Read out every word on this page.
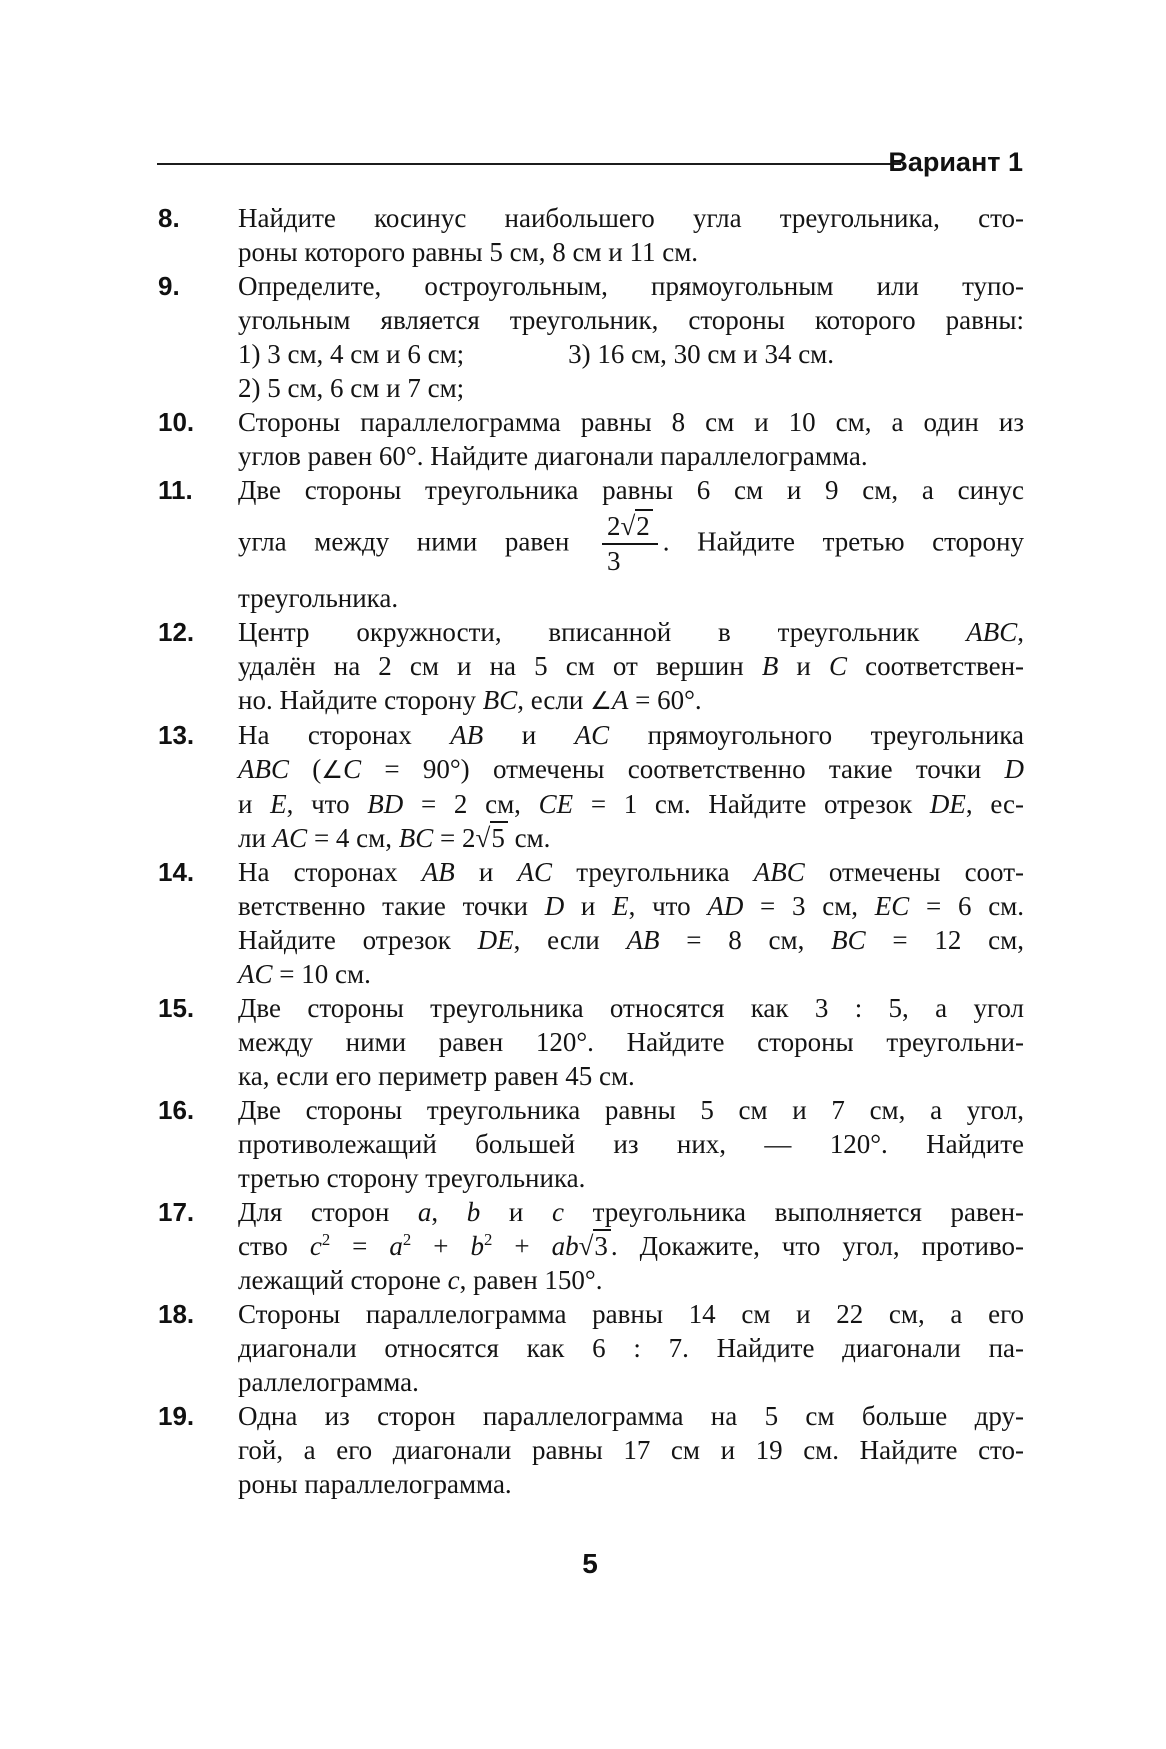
Вариант 1
8.	Найдите косинус наибольшего угла треугольника, сто-
роны которого равны 5 см, 8 см и 11 см.
9.	Определите, остроугольным, прямоугольным или тупо-
угольным является треугольник, стороны которого равны:
1) 3 см, 4 см и 6 см;	3) 16 см, 30 см и 34 см.
2) 5 см, 6 см и 7 см;
10.	Стороны параллелограмма равны 8 см и 10 см, а один из
углов равен 60°. Найдите диагонали параллелограмма.
11.	Две стороны треугольника равны 6 см и 9 см, а синус
угла между ними равен $\frac{2√2}{3}$ . Найдите третью сторону
треугольника.
12.	Центр окружности, вписанной в треугольник ABC,
удалён на 2 см и на 5 см от вершин B и C соответствен-
но. Найдите сторону BC, если ∠A = 60°.
13.	На сторонах AB и AC прямоугольного треугольника
ABC (∠C = 90°) отмечены соответственно такие точки D
и E, что BD = 2 см, CE = 1 см. Найдите отрезок DE, ес-
ли AC = 4 см, BC = 2√5 см.
14.	На сторонах AB и AC треугольника ABC отмечены соот-
ветственно такие точки D и E, что AD = 3 см, EC = 6 см.
Найдите отрезок DE, если AB = 8 см, BC = 12 см,
AC = 10 см.
15.	Две стороны треугольника относятся как 3 : 5, а угол
между ними равен 120°. Найдите стороны треугольни-
ка, если его периметр равен 45 см.
16.	Две стороны треугольника равны 5 см и 7 см, а угол,
противолежащий большей из них, — 120°. Найдите
третью сторону треугольника.
17.	Для сторон a, b и c треугольника выполняется равен-
ство $c^2 = a^2 + b^2 + ab√3$ . Докажите, что угол, противо-
лежащий стороне c, равен 150°.
18.	Стороны параллелограмма равны 14 см и 22 см, а его
диагонали относятся как 6 : 7. Найдите диагонали па-
раллелограмма.
19.	Одна из сторон параллелограмма на 5 см больше дру-
гой, а его диагонали равны 17 см и 19 см. Найдите сто-
роны параллелограмма.
5
